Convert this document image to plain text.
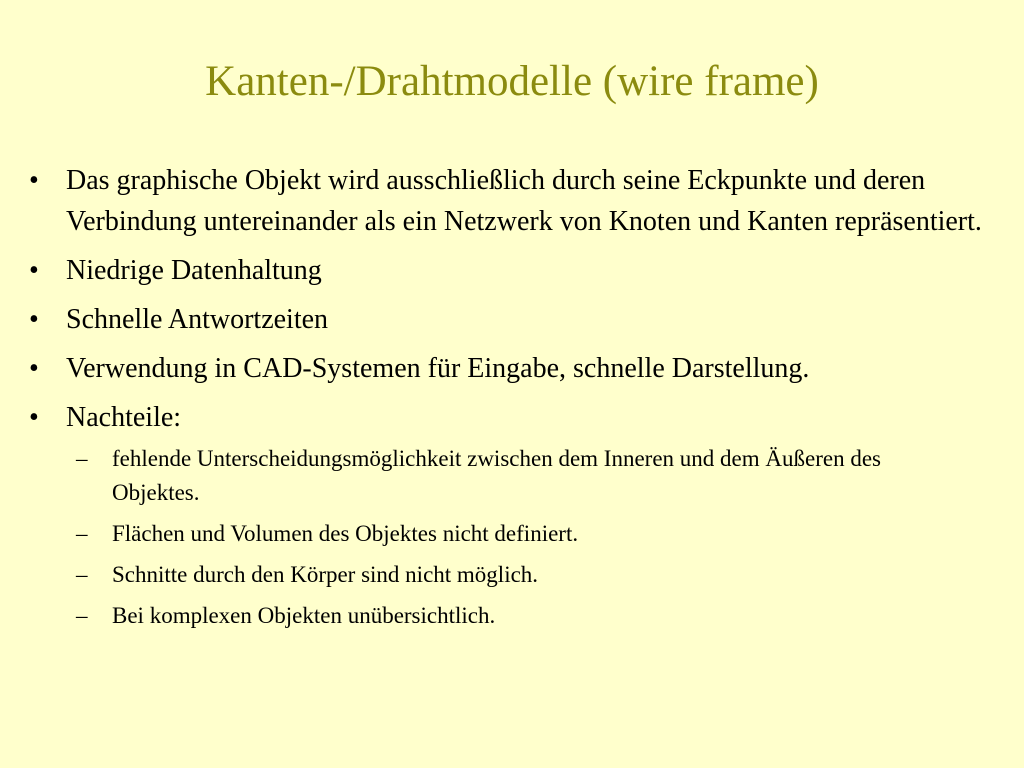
Kanten-/Drahtmodelle (wire frame)
• Das graphische Objekt wird ausschließlich durch seine Eckpunkte und deren Verbindung untereinander als ein Netzwerk von Knoten und Kanten repräsentiert.
• Niedrige Datenhaltung
• Schnelle Antwortzeiten
• Verwendung in CAD-Systemen für Eingabe, schnelle Darstellung.
• Nachteile:
– fehlende Unterscheidungsmöglichkeit zwischen dem Inneren und dem Äußeren des Objektes.
– Flächen und Volumen des Objektes nicht definiert.
– Schnitte durch den Körper sind nicht möglich.
– Bei komplexen Objekten unübersichtlich.
